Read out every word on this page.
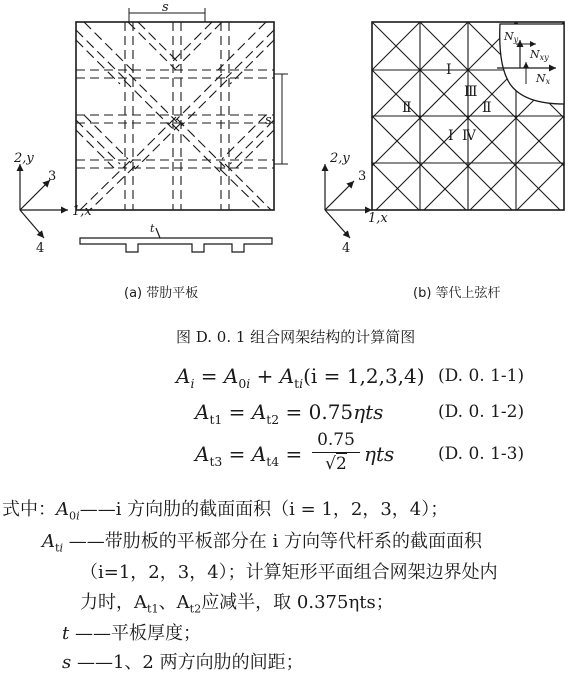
s
s
2,y
1,x
3
4
t
Ny
Nxy
Nx
Ⅰ
Ⅱ
Ⅲ
Ⅱ
Ⅰ Ⅳ
2,y
1,x
3
4
(a) 带肋平板	(b) 等代上弦杆
图 D. 0. 1 组合网架结构的计算简图
$A_i = A_{0i} + A_{ti}(i = 1,2,3,4)$ (D. 0. 1-1)
$A_{t1} = A_{t2} = 0.75\eta ts$	(D. 0. 1-2)
$A_{t3} = A_{t4}$ =
0.75
√2 ηts	(D. 0. 1-3)
式中：$A_{0i}——i$ 方向肋的截面面积（i = 1，2，3，4）；
$A_{ti}$ ——带肋板的平板部分在 i 方向等代杆系的截面面积
（i=1，2，3，4）；计算矩形平面组合网架边界处内
力时，$A_{t1}$、$A_{t2}$应减半，取 0.375ηts；
t ——平板厚度；
s ——1、2 两方向肋的间距；
